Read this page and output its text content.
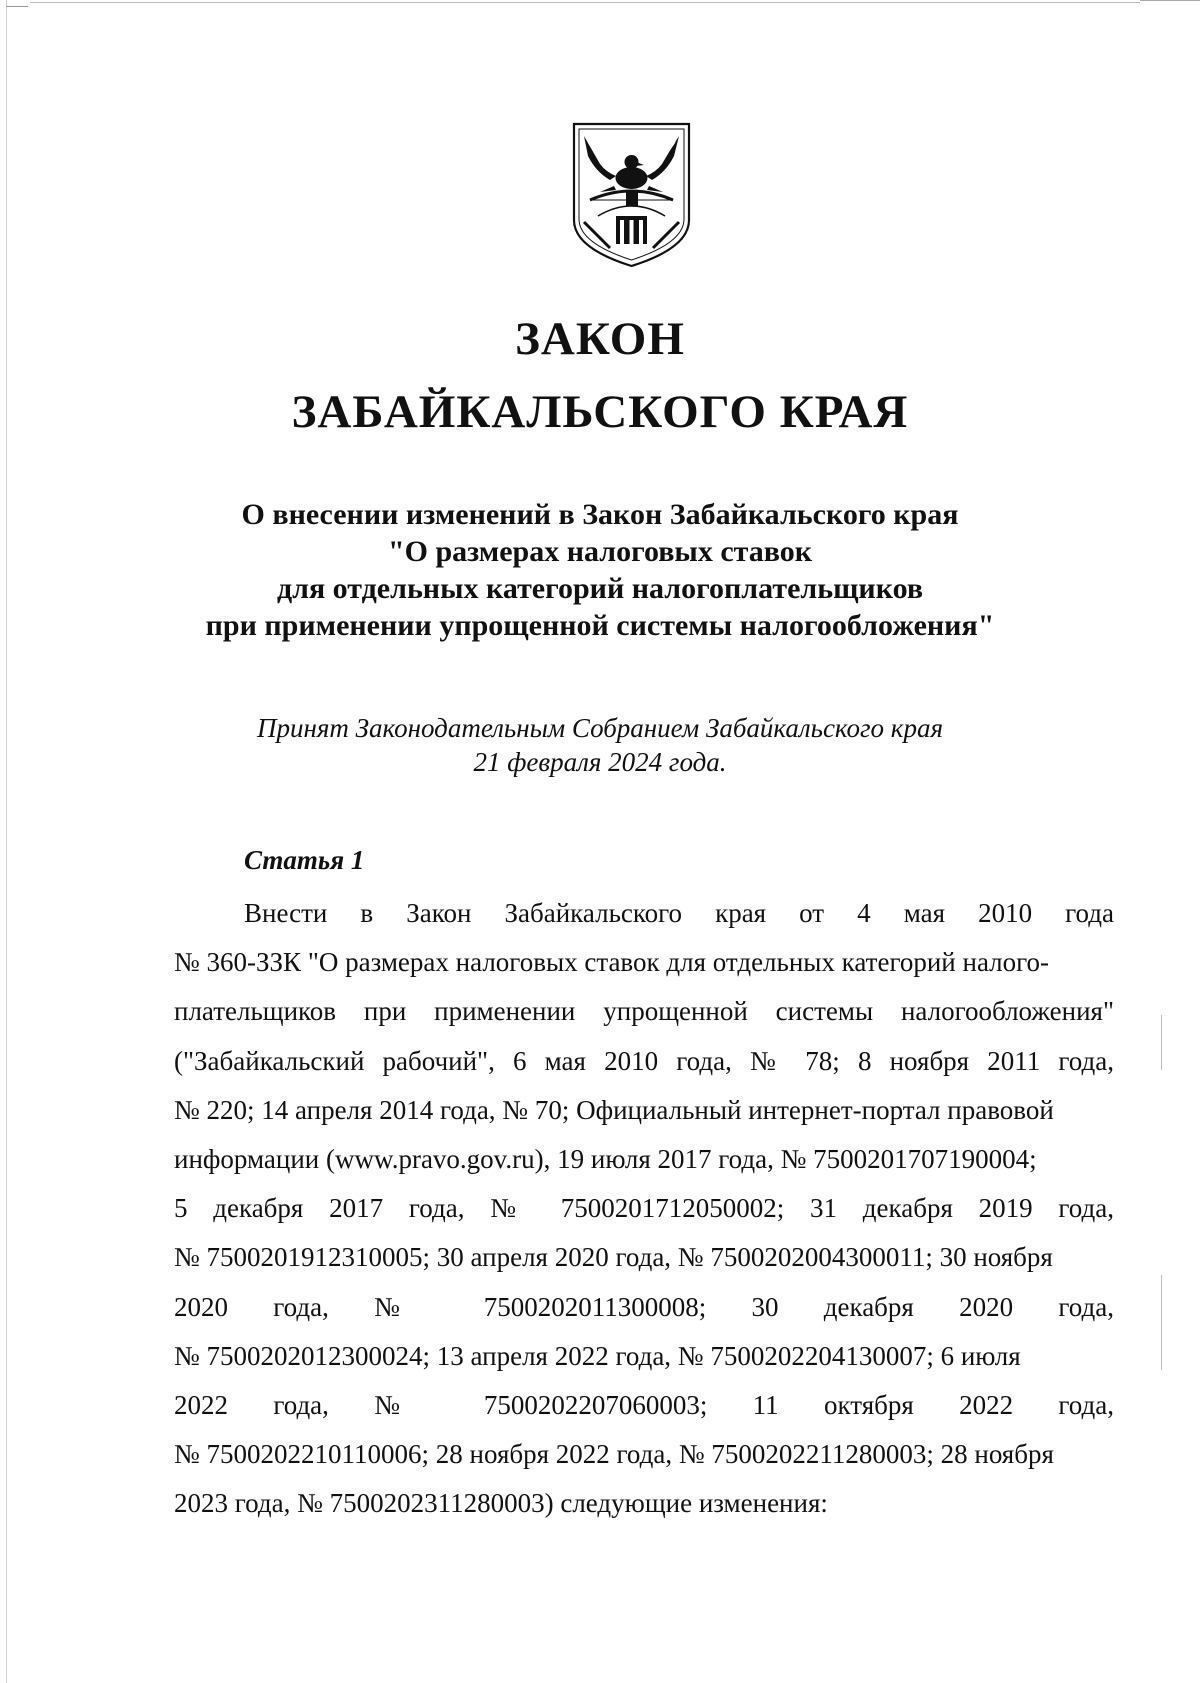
ЗАКОН
ЗАБАЙКАЛЬСКОГО КРАЯ
О внесении изменений в Закон Забайкальского края
"О размерах налоговых ставок
для отдельных категорий налогоплательщиков
при применении упрощенной системы налогообложения"
Принят Законодательным Собранием Забайкальского края
21 февраля 2024 года.
Статья 1
Внести в Закон Забайкальского края от 4 мая 2010 года
№ 360-ЗЗК "О размерах налоговых ставок для отдельных категорий налого-
плательщиков при применении упрощенной системы налогообложения"
("Забайкальский рабочий", 6 мая 2010 года, № 78; 8 ноября 2011 года,
№ 220; 14 апреля 2014 года, № 70; Официальный интернет-портал правовой
информации (www.pravo.gov.ru), 19 июля 2017 года, № 7500201707190004;
5 декабря 2017 года, № 7500201712050002; 31 декабря 2019 года,
№ 7500201912310005; 30 апреля 2020 года, № 7500202004300011; 30 ноября
2020 года, № 7500202011300008; 30 декабря 2020 года,
№ 7500202012300024; 13 апреля 2022 года, № 7500202204130007; 6 июля
2022 года, № 7500202207060003; 11 октября 2022 года,
№ 7500202210110006; 28 ноября 2022 года, № 7500202211280003; 28 ноября
2023 года, № 7500202311280003) следующие изменения:
